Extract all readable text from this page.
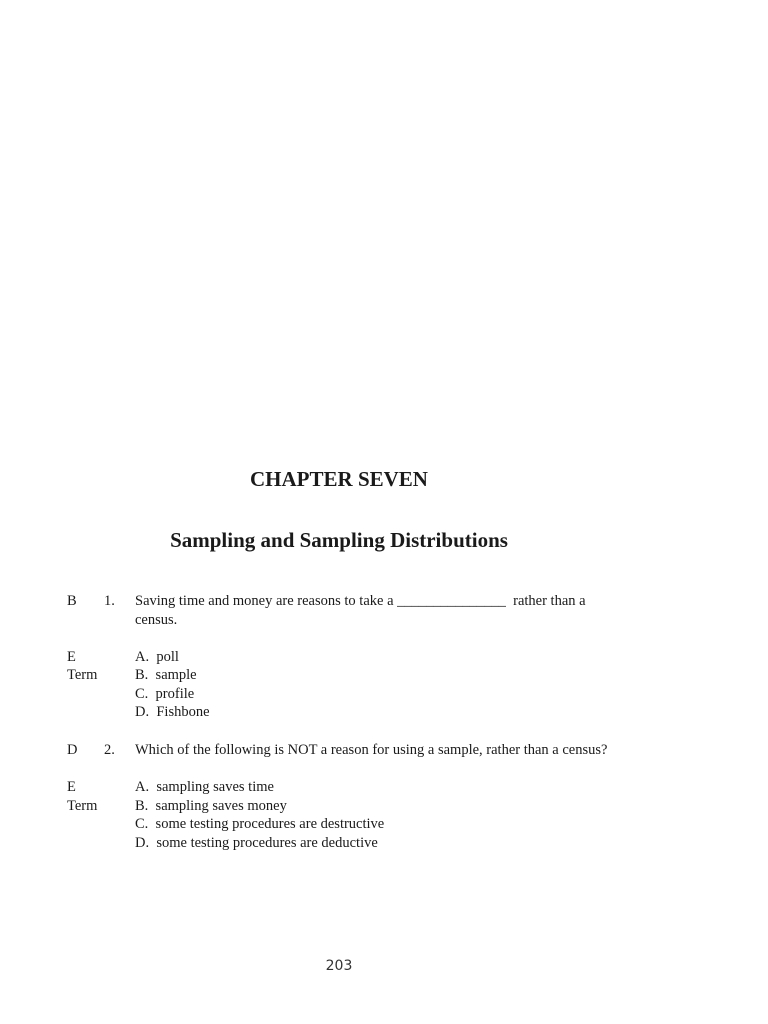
CHAPTER SEVEN
Sampling and Sampling Distributions
B 1. Saving time and money are reasons to take a _______________  rather than a
census.
E
Term
A.  poll
B.  sample
C.  profile
D.  Fishbone
D 2. Which of the following is NOT a reason for using a sample, rather than a census?
E
Term
A.  sampling saves time
B.  sampling saves money
C.  some testing procedures are destructive
D.  some testing procedures are deductive
203
